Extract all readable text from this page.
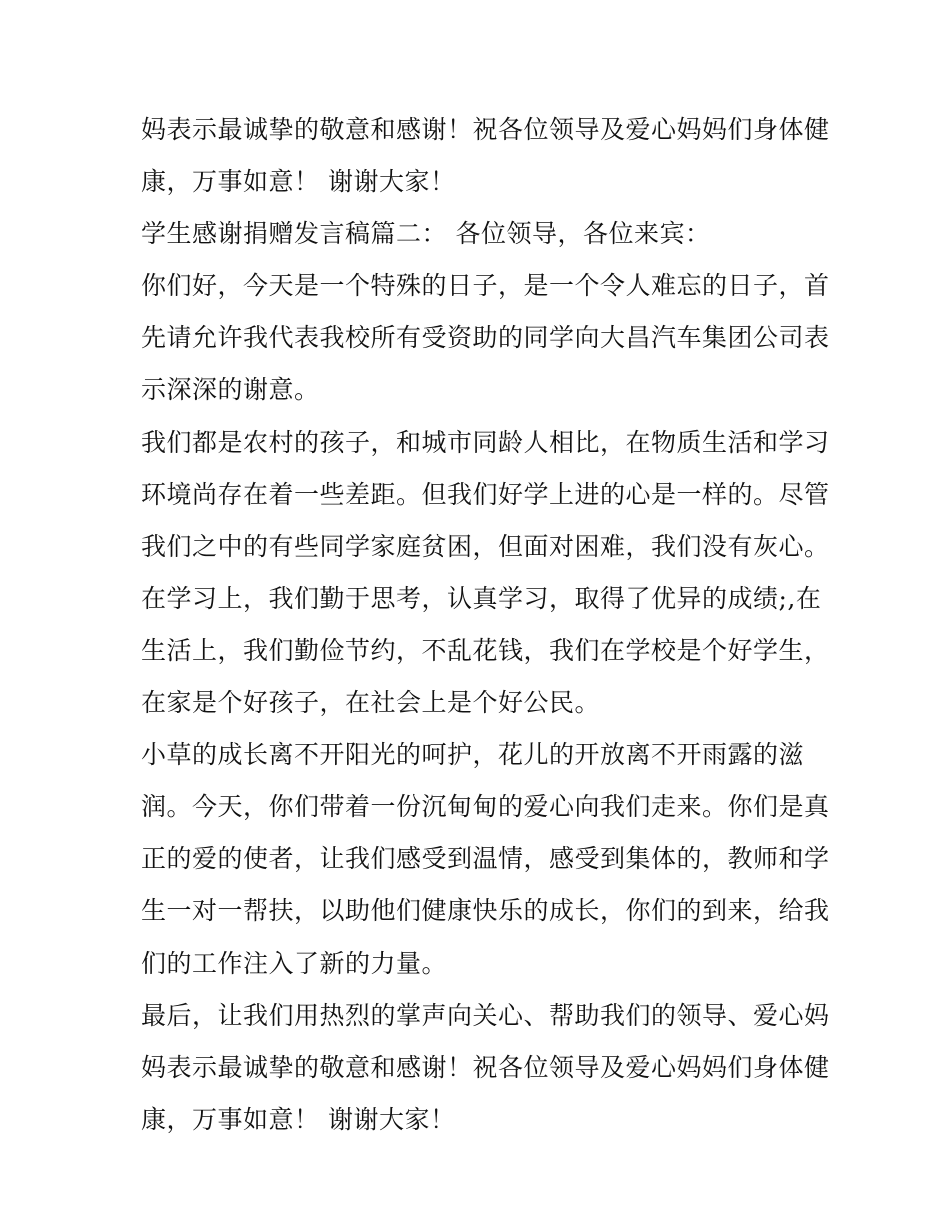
妈表示最诚挚的敬意和感谢！祝各位领导及爱心妈妈们身体健
康，万事如意！ 谢谢大家！
学生感谢捐赠发言稿篇二： 各位领导，各位来宾：
你们好，今天是一个特殊的日子，是一个令人难忘的日子，首
先请允许我代表我校所有受资助的同学向大昌汽车集团公司表
示深深的谢意。
我们都是农村的孩子，和城市同龄人相比，在物质生活和学习
环境尚存在着一些差距。但我们好学上进的心是一样的。尽管
我们之中的有些同学家庭贫困，但面对困难，我们没有灰心。
在学习上，我们勤于思考，认真学习，取得了优异的成绩;,在
生活上，我们勤俭节约，不乱花钱，我们在学校是个好学生，
在家是个好孩子，在社会上是个好公民。
小草的成长离不开阳光的呵护，花儿的开放离不开雨露的滋
润。今天，你们带着一份沉甸甸的爱心向我们走来。你们是真
正的爱的使者，让我们感受到温情，感受到集体的，教师和学
生一对一帮扶，以助他们健康快乐的成长，你们的到来，给我
们的工作注入了新的力量。
最后，让我们用热烈的掌声向关心、帮助我们的领导、爱心妈
妈表示最诚挚的敬意和感谢！祝各位领导及爱心妈妈们身体健
康，万事如意！ 谢谢大家！
